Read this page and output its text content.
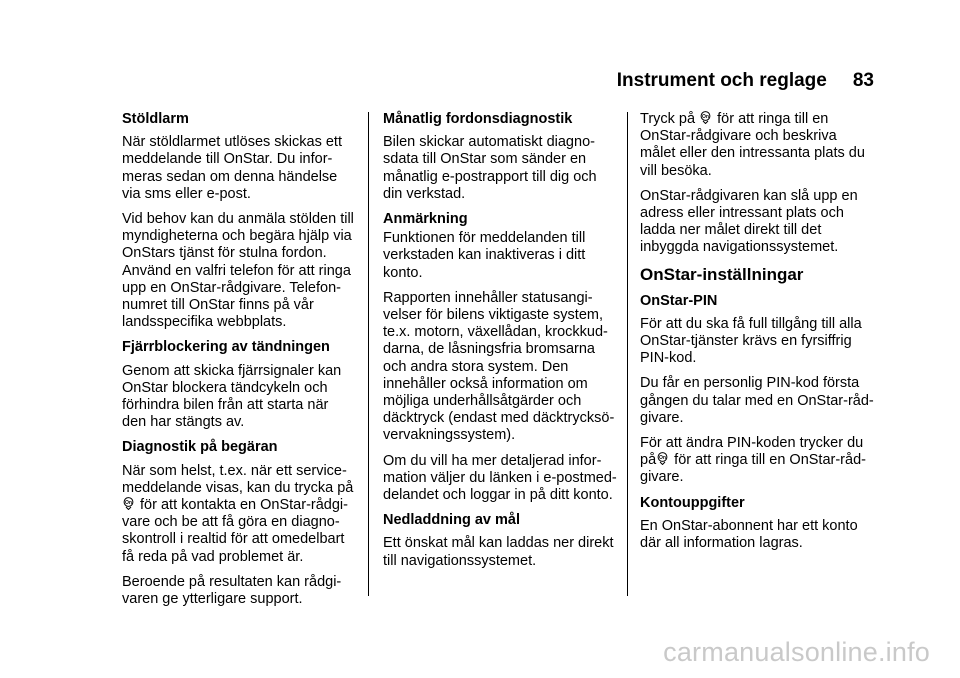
Instrument och reglage 83
Stöldlarm

När stöldlarmet utlöses skickas ett
meddelande till OnStar. Du infor-
meras sedan om denna händelse
via sms eller e-post.

Vid behov kan du anmäla stölden till
myndigheterna och begära hjälp via
OnStars tjänst för stulna fordon.
Använd en valfri telefon för att ringa
upp en OnStar-rådgivare. Telefon-
numret till OnStar finns på vår
landsspecifika webbplats.

Fjärrblockering av tändningen

Genom att skicka fjärrsignaler kan
OnStar blockera tändcykeln och
förhindra bilen från att starta när
den har stängts av.

Diagnostik på begäran

När som helst, t.ex. när ett service-
meddelande visas, kan du trycka på

On för att kontakta en OnStar-rådgi-
vare och be att få göra en diagno-
skontroll i realtid för att omedelbart
få reda på vad problemet är.

Beroende på resultaten kan rådgi-
varen ge ytterligare support.

Månatlig fordonsdiagnostik

Bilen skickar automatiskt diagno-
sdata till OnStar som sänder en
månatlig e-postrapport till dig och
din verkstad.

Anmärkning

Funktionen för meddelanden till
verkstaden kan inaktiveras i ditt
konto.

Rapporten innehåller statusangi-
velser för bilens viktigaste system,
te.x. motorn, växellådan, krockkud-
darna, de låsningsfria bromsarna
och andra stora system. Den
innehåller också information om
möjliga underhållsåtgärder och
däcktryck (endast med däcktrycksö-
vervakningssystem).

Om du vill ha mer detaljerad infor-
mation väljer du länken i e-postmed-
delandet och loggar in på ditt konto.

Nedladdning av mål

Ett önskat mål kan laddas ner direkt
till navigationssystemet.

Tryck på On för att ringa till en
OnStar-rådgivare och beskriva
målet eller den intressanta plats du
vill besöka.

OnStar-rådgivaren kan slå upp en
adress eller intressant plats och
ladda ner målet direkt till det
inbyggda navigationssystemet.

OnStar-inställningar
OnStar-PIN

För att du ska få full tillgång till alla
OnStar-tjänster krävs en fyrsiffrig
PIN-kod.

Du får en personlig PIN-kod första
gången du talar med en OnStar-råd-
givare.

För att ändra PIN-koden trycker du
på On för att ringa till en OnStar-råd-
givare.

Kontouppgifter

En OnStar-abonnent har ett konto
där all information lagras.

carmanualsonline.info
